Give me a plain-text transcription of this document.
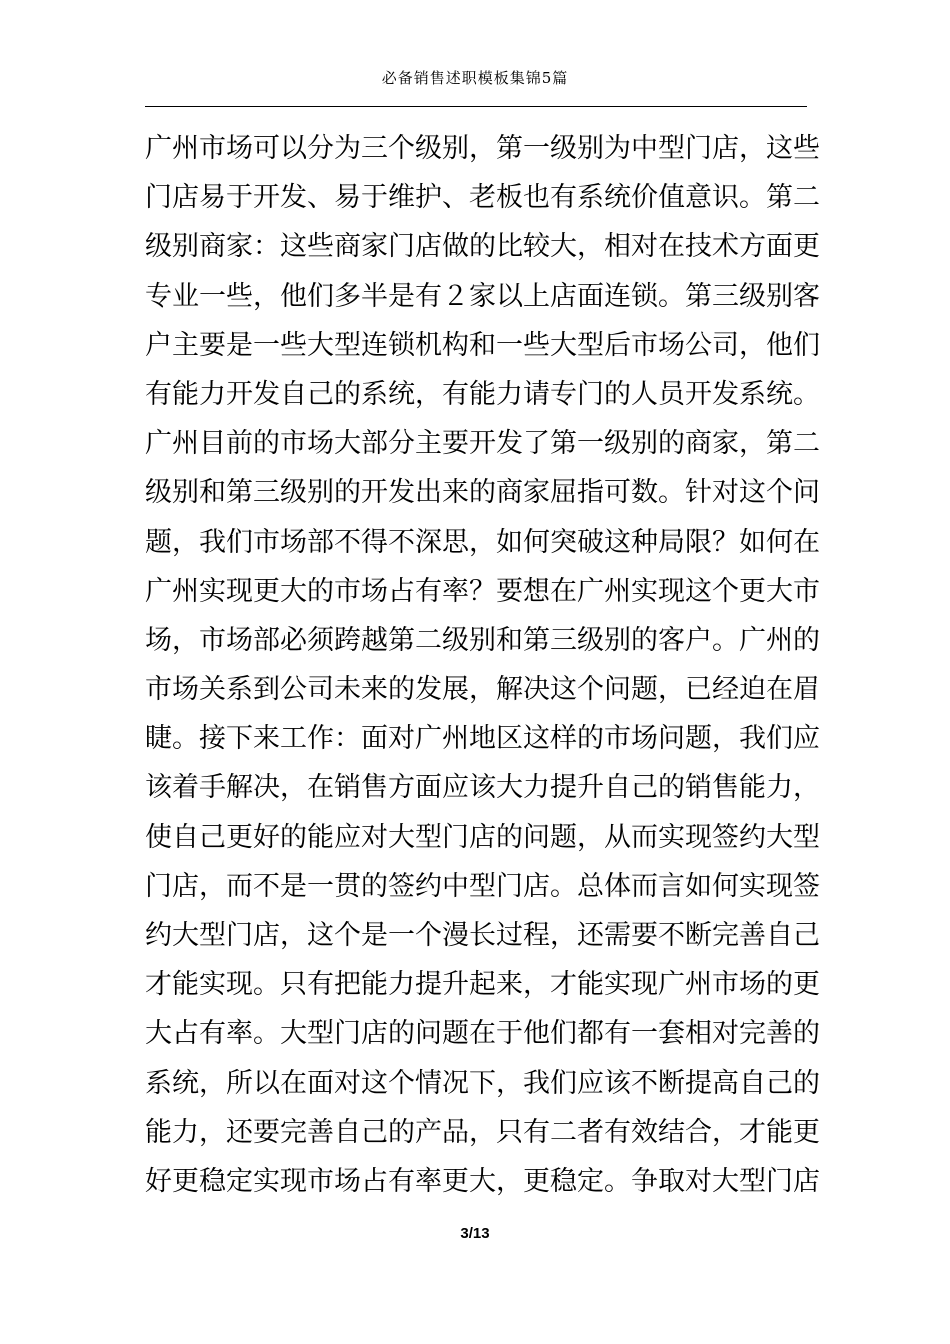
必备销售述职模板集锦5篇
广州市场可以分为三个级别，第一级别为中型门店，这些
门店易于开发、易于维护、老板也有系统价值意识。第二
级别商家：这些商家门店做的比较大，相对在技术方面更
专业一些，他们多半是有２家以上店面连锁。第三级别客
户主要是一些大型连锁机构和一些大型后市场公司，他们
有能力开发自己的系统，有能力请专门的人员开发系统。
广州目前的市场大部分主要开发了第一级别的商家，第二
级别和第三级别的开发出来的商家屈指可数。针对这个问
题，我们市场部不得不深思，如何突破这种局限？如何在
广州实现更大的市场占有率？要想在广州实现这个更大市
场，市场部必须跨越第二级别和第三级别的客户。广州的
市场关系到公司未来的发展，解决这个问题，已经迫在眉
睫。接下来工作：面对广州地区这样的市场问题，我们应
该着手解决，在销售方面应该大力提升自己的销售能力，
使自己更好的能应对大型门店的问题，从而实现签约大型
门店，而不是一贯的签约中型门店。总体而言如何实现签
约大型门店，这个是一个漫长过程，还需要不断完善自己
才能实现。只有把能力提升起来，才能实现广州市场的更
大占有率。大型门店的问题在于他们都有一套相对完善的
系统，所以在面对这个情况下，我们应该不断提高自己的
能力，还要完善自己的产品，只有二者有效结合，才能更
好更稳定实现市场占有率更大，更稳定。争取对大型门店
3/13
